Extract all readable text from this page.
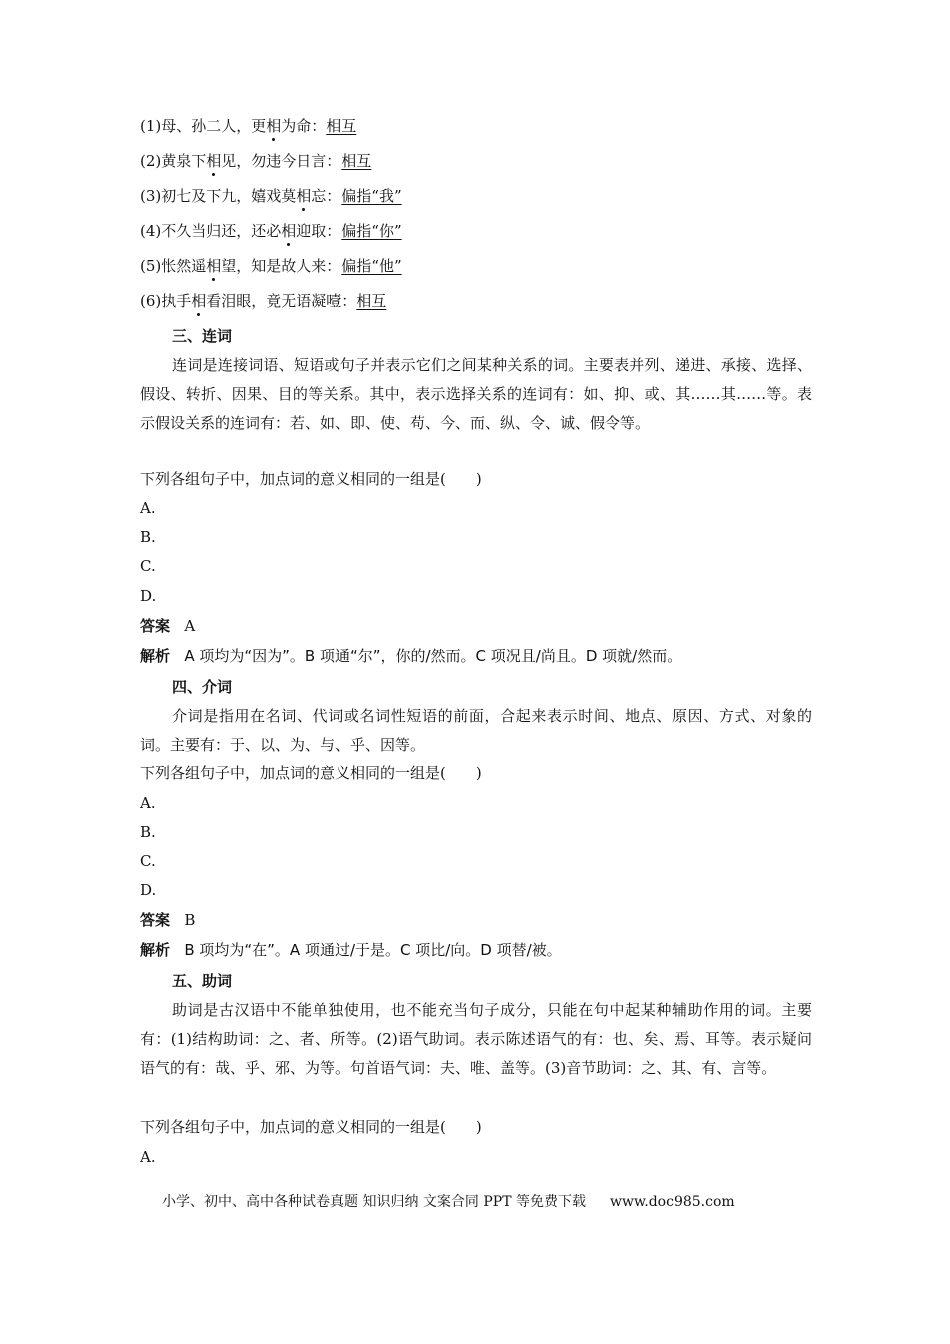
(1)母、孙二人，更相为命：相互
(2)黄泉下相见，勿违今日言：相互
(3)初七及下九，嬉戏莫相忘：偏指“我”
(4)不久当归还，还必相迎取：偏指“你”
(5)怅然遥相望，知是故人来：偏指“他”
(6)执手相看泪眼，竟无语凝噎：相互
三、连词
连词是连接词语、短语或句子并表示它们之间某种关系的词。主要表并列、递进、承接、选择、假设、转折、因果、目的等关系。其中，表示选择关系的连词有：如、抑、或、其……其……等。表示假设关系的连词有：若、如、即、使、苟、今、而、纵、令、诚、假令等。
下列各组句子中，加点词的意义相同的一组是(　　)
A.
B.
C.
D.
答案 A
解析 A 项均为“因为”。B 项通“尔”，你的/然而。C 项况且/尚且。D 项就/然而。
四、介词
介词是指用在名词、代词或名词性短语的前面，合起来表示时间、地点、原因、方式、对象的词。主要有：于、以、为、与、乎、因等。
下列各组句子中，加点词的意义相同的一组是(　　)
A.
B.
C.
D.
答案 B
解析 B 项均为“在”。A 项通过/于是。C 项比/向。D 项替/被。
五、助词
助词是古汉语中不能单独使用，也不能充当句子成分，只能在句中起某种辅助作用的词。主要有：(1)结构助词：之、者、所等。(2)语气助词。表示陈述语气的有：也、矣、焉、耳等。表示疑问语气的有：哉、乎、邪、为等。句首语气词：夫、唯、盖等。(3)音节助词：之、其、有、言等。
下列各组句子中，加点词的意义相同的一组是(　　)
A.
小学、初中、高中各种试卷真题 知识归纳 文案合同 PPT 等免费下载 www.doc985.com
